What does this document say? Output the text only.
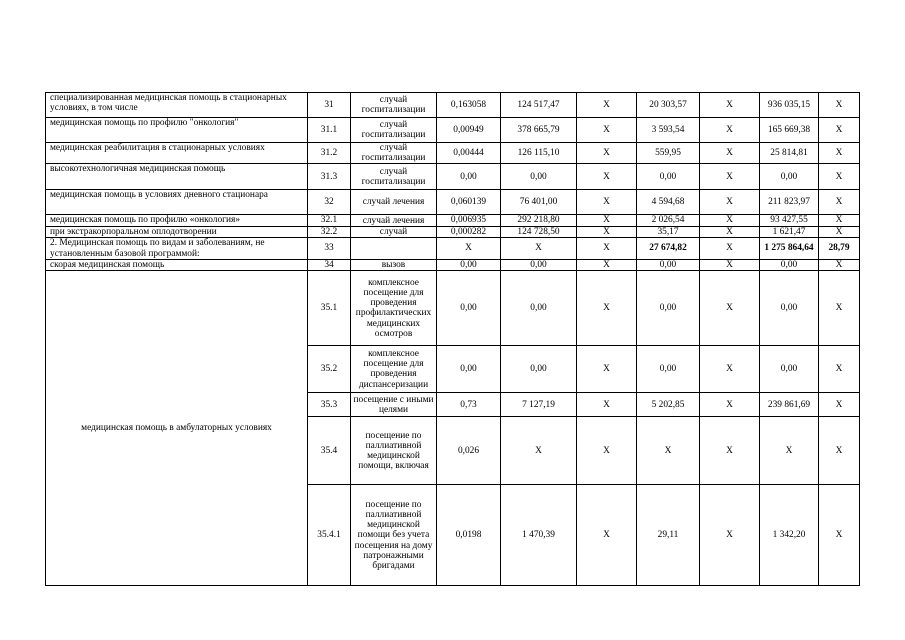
специализированная медицинская помощь в стационарных условиях, в том числе	31	случай госпитализации	0,163058	124 517,47	X	20 303,57	X	936 035,15	X
медицинская помощь по профилю "онкология"	31.1	случай госпитализации	0,00949	378 665,79	X	3 593,54	X	165 669,38	X
медицинская реабилитация в стационарных условиях	31.2	случай госпитализации	0,00444	126 115,10	X	559,95	X	25 814,81	X
высокотехнологичная медицинская помощь	31.3	случай госпитализации	0,00	0,00	X	0,00	X	0,00	X
медицинская помощь в условиях дневного стационара	32	случай лечения	0,060139	76 401,00	X	4 594,68	X	211 823,97	X
медицинская помощь по профилю «онкология»	32.1	случай лечения	0,006935	292 218,80	X	2 026,54	X	93 427,55	X
при экстракорпоральном оплодотворении	32.2	случай	0,000282	124 728,50	X	35,17	X	1 621,47	X
2. Медицинская помощь по видам и заболеваниям, не установленным базовой программой:	33		X	X	X	27 674,82	X	1 275 864,64	28,79
скорая медицинская помощь	34	вызов	0,00	0,00	X	0,00	X	0,00	X
медицинская помощь в амбулаторных условиях	35.1	комплексное посещение для проведения профилактических медицинских осмотров	0,00	0,00	X	0,00	X	0,00	X
	35.2	комплексное посещение для проведения диспансеризации	0,00	0,00	X	0,00	X	0,00	X
	35.3	посещение с иными целями	0,73	7 127,19	X	5 202,85	X	239 861,69	X
	35.4	посещение по паллиативной медицинской помощи, включая	0,026	X	X	X	X	X	X
	35.4.1	посещение по паллиативной медицинской помощи без учета посещения на дому патронажными бригадами	0,0198	1 470,39	X	29,11	X	1 342,20	X
